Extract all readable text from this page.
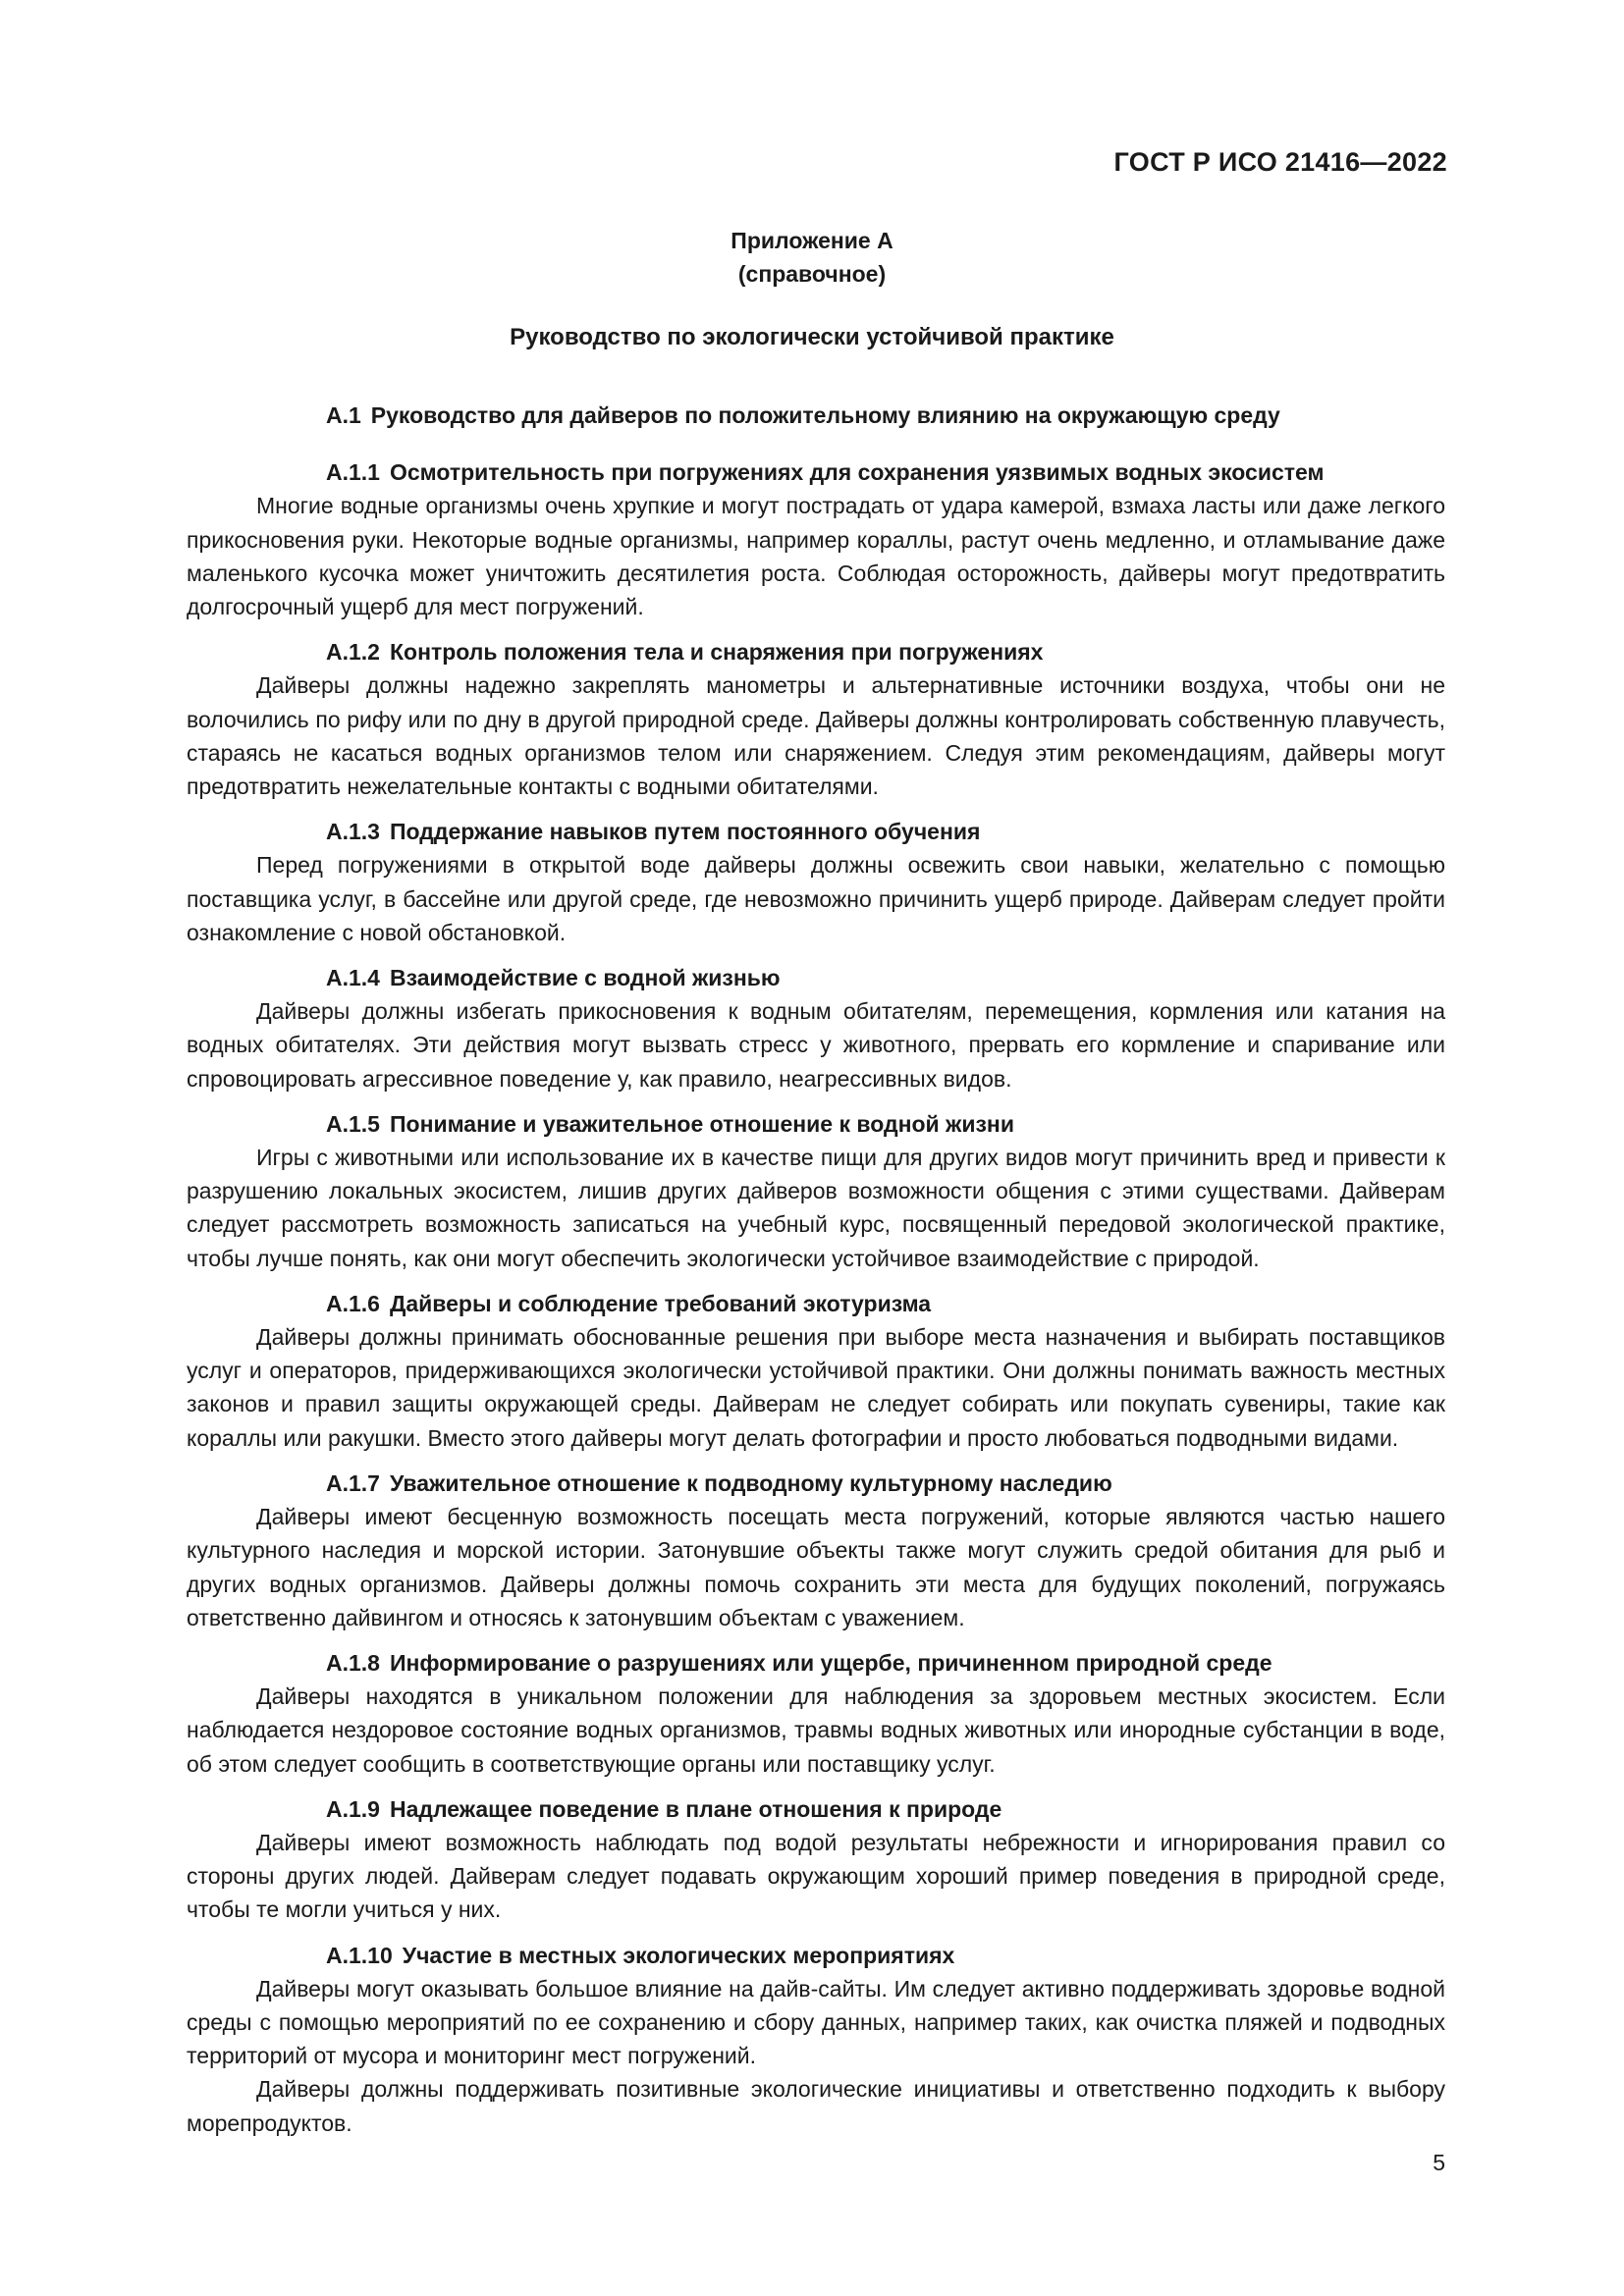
ГОСТ Р ИСО 21416—2022
Приложение А
(справочное)
Руководство по экологически устойчивой практике
А.1 Руководство для дайверов по положительному влиянию на окружающую среду
А.1.1 Осмотрительность при погружениях для сохранения уязвимых водных экосистем

Многие водные организмы очень хрупкие и могут пострадать от удара камерой, взмаха ласты или даже легкого прикосновения руки. Некоторые водные организмы, например кораллы, растут очень медленно, и отламывание даже маленького кусочка может уничтожить десятилетия роста. Соблюдая осторожность, дайверы могут предотвратить долгосрочный ущерб для мест погружений.

А.1.2 Контроль положения тела и снаряжения при погружениях

Дайверы должны надежно закреплять манометры и альтернативные источники воздуха, чтобы они не волочились по рифу или по дну в другой природной среде. Дайверы должны контролировать собственную плавучесть, стараясь не касаться водных организмов телом или снаряжением. Следуя этим рекомендациям, дайверы могут предотвратить нежелательные контакты с водными обитателями.

А.1.3 Поддержание навыков путем постоянного обучения

Перед погружениями в открытой воде дайверы должны освежить свои навыки, желательно с помощью поставщика услуг, в бассейне или другой среде, где невозможно причинить ущерб природе. Дайверам следует пройти ознакомление с новой обстановкой.

А.1.4 Взаимодействие с водной жизнью

Дайверы должны избегать прикосновения к водным обитателям, перемещения, кормления или катания на водных обитателях. Эти действия могут вызвать стресс у животного, прервать его кормление и спаривание или спровоцировать агрессивное поведение у, как правило, неагрессивных видов.

А.1.5 Понимание и уважительное отношение к водной жизни

Игры с животными или использование их в качестве пищи для других видов могут причинить вред и привести к разрушению локальных экосистем, лишив других дайверов возможности общения с этими существами. Дайверам следует рассмотреть возможность записаться на учебный курс, посвященный передовой экологической практике, чтобы лучше понять, как они могут обеспечить экологически устойчивое взаимодействие с природой.

А.1.6 Дайверы и соблюдение требований экотуризма

Дайверы должны принимать обоснованные решения при выборе места назначения и выбирать поставщиков услуг и операторов, придерживающихся экологически устойчивой практики. Они должны понимать важность местных законов и правил защиты окружающей среды. Дайверам не следует собирать или покупать сувениры, такие как кораллы или ракушки. Вместо этого дайверы могут делать фотографии и просто любоваться подводными видами.

А.1.7 Уважительное отношение к подводному культурному наследию

Дайверы имеют бесценную возможность посещать места погружений, которые являются частью нашего культурного наследия и морской истории. Затонувшие объекты также могут служить средой обитания для рыб и других водных организмов. Дайверы должны помочь сохранить эти места для будущих поколений, погружаясь ответственно дайвингом и относясь к затонувшим объектам с уважением.

А.1.8 Информирование о разрушениях или ущербе, причиненном природной среде

Дайверы находятся в уникальном положении для наблюдения за здоровьем местных экосистем. Если наблюдается нездоровое состояние водных организмов, травмы водных животных или инородные субстанции в воде, об этом следует сообщить в соответствующие органы или поставщику услуг.

А.1.9 Надлежащее поведение в плане отношения к природе

Дайверы имеют возможность наблюдать под водой результаты небрежности и игнорирования правил со стороны других людей. Дайверам следует подавать окружающим хороший пример поведения в природной среде, чтобы те могли учиться у них.

А.1.10 Участие в местных экологических мероприятиях

Дайверы могут оказывать большое влияние на дайв-сайты. Им следует активно поддерживать здоровье водной среды с помощью мероприятий по ее сохранению и сбору данных, например таких, как очистка пляжей и подводных территорий от мусора и мониторинг мест погружений.

Дайверы должны поддерживать позитивные экологические инициативы и ответственно подходить к выбору морепродуктов.

5
